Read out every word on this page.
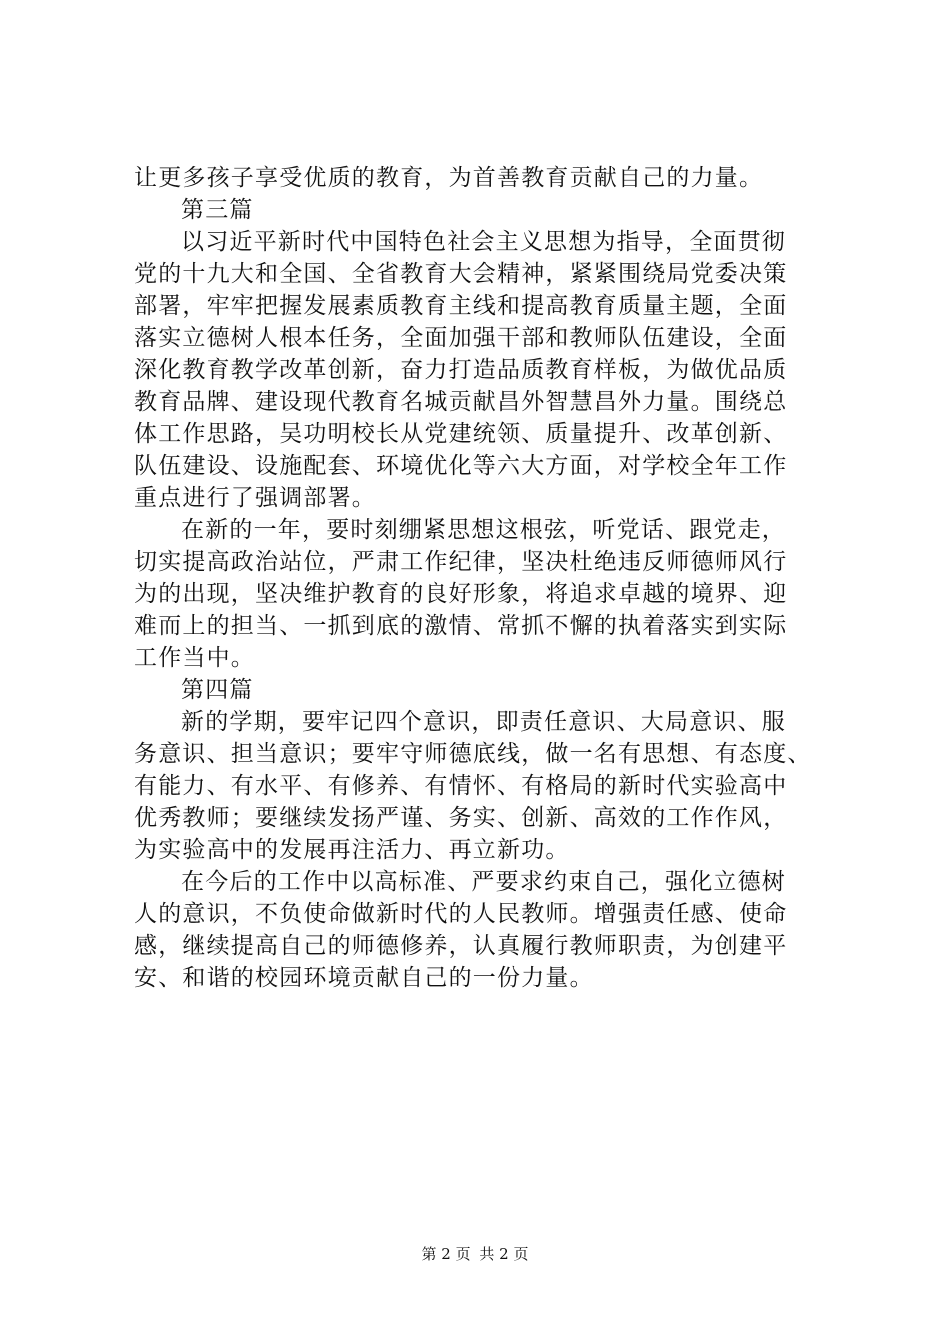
让更多孩子享受优质的教育，为首善教育贡献自己的力量。
第三篇
以习近平新时代中国特色社会主义思想为指导，全面贯彻
党的十九大和全国、全省教育大会精神，紧紧围绕局党委决策
部署，牢牢把握发展素质教育主线和提高教育质量主题，全面
落实立德树人根本任务，全面加强干部和教师队伍建设，全面
深化教育教学改革创新，奋力打造品质教育样板，为做优品质
教育品牌、建设现代教育名城贡献昌外智慧昌外力量。围绕总
体工作思路，吴功明校长从党建统领、质量提升、改革创新、
队伍建设、设施配套、环境优化等六大方面，对学校全年工作
重点进行了强调部署。
在新的一年，要时刻绷紧思想这根弦，听党话、跟党走，
切实提高政治站位，严肃工作纪律，坚决杜绝违反师德师风行
为的出现，坚决维护教育的良好形象，将追求卓越的境界、迎
难而上的担当、一抓到底的激情、常抓不懈的执着落实到实际
工作当中。
第四篇
新的学期，要牢记四个意识，即责任意识、大局意识、服
务意识、担当意识；要牢守师德底线，做一名有思想、有态度、
有能力、有水平、有修养、有情怀、有格局的新时代实验高中
优秀教师；要继续发扬严谨、务实、创新、高效的工作作风，
为实验高中的发展再注活力、再立新功。
在今后的工作中以高标准、严要求约束自己，强化立德树
人的意识，不负使命做新时代的人民教师。增强责任感、使命
感，继续提高自己的师德修养，认真履行教师职责，为创建平
安、和谐的校园环境贡献自己的一份力量。
第 2 页 共 2 页
